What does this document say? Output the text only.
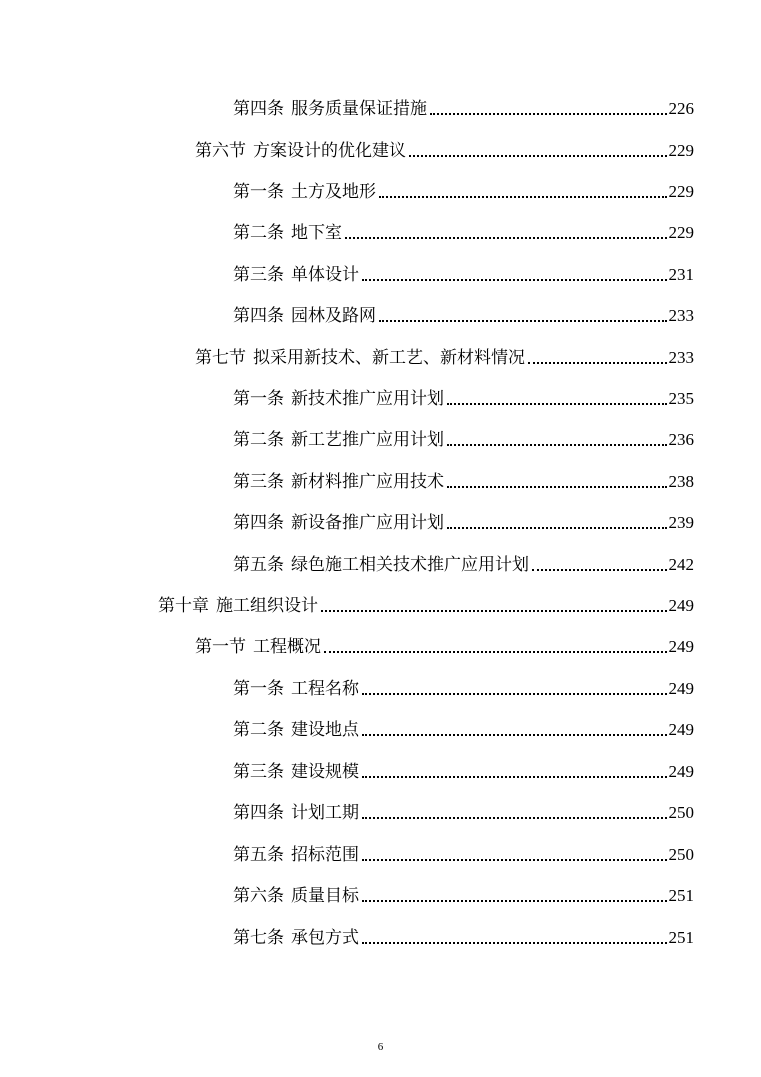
第四条 服务质量保证措施	226
第六节 方案设计的优化建议	229
第一条 土方及地形	229
第二条 地下室	229
第三条 单体设计	231
第四条 园林及路网	233
第七节 拟采用新技术、新工艺、新材料情况	233
第一条 新技术推广应用计划	235
第二条 新工艺推广应用计划	236
第三条 新材料推广应用技术	238
第四条 新设备推广应用计划	239
第五条 绿色施工相关技术推广应用计划	242
第十章 施工组织设计	249
第一节 工程概况	249
第一条 工程名称	249
第二条 建设地点	249
第三条 建设规模	249
第四条 计划工期	250
第五条 招标范围	250
第六条 质量目标	251
第七条 承包方式	251
6
